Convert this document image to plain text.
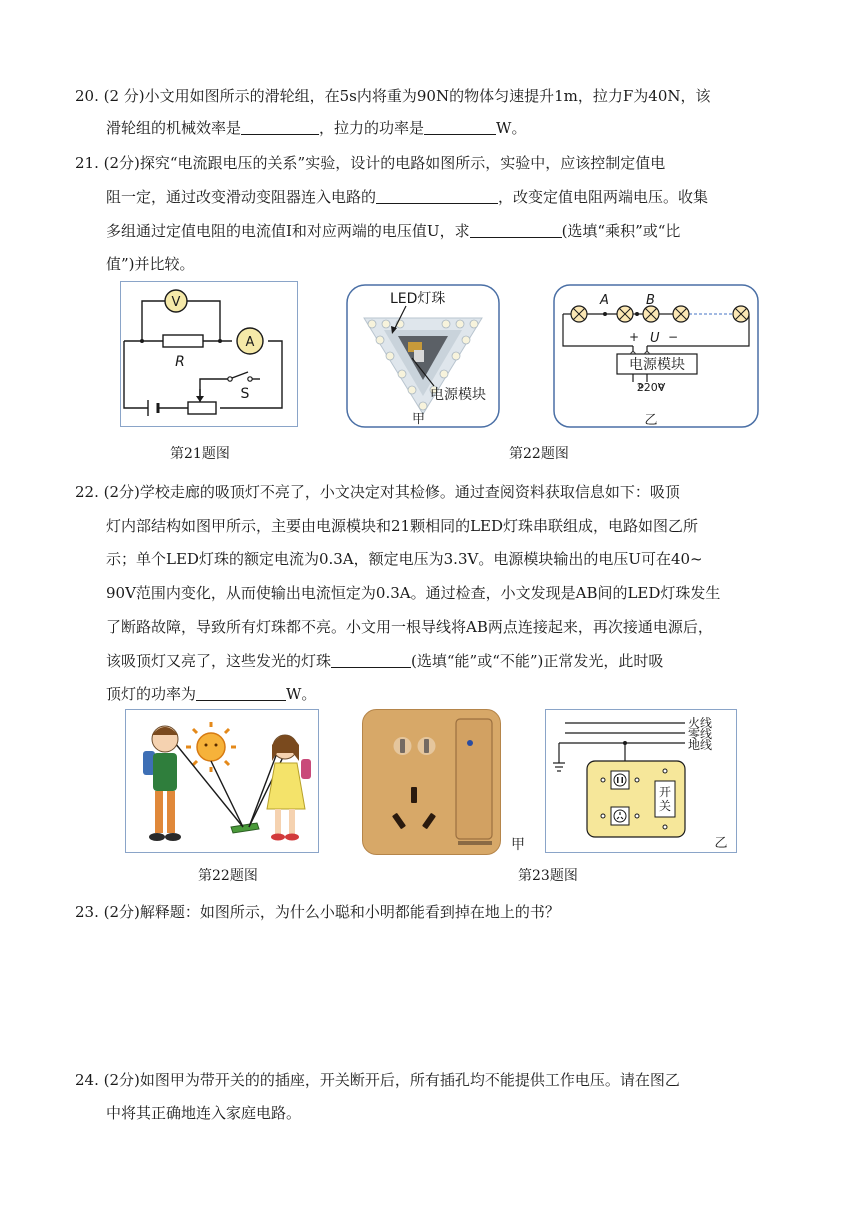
20. (2 分)小文用如图所示的滑轮组，在5s内将重为90N的物体匀速提升1m，拉力F为40N，该
滑轮组的机械效率是	，拉力的功率是	W。
21. (2分)探究“电流跟电压的关系”实验，设计的电路如图所示，实验中，应该控制定值电
阻一定，通过改变滑动变阻器连入电路的	，改变定值电阻两端电压。收集
多组通过定值电阻的电流值I和对应两端的电压值U，求	(选填“乘积”或“比
值”)并比较。
V
R
A
S
LED灯珠
电源模块
甲
A	B
+ U −
电源模块
220V
乙
第21题图	第22题图
22. (2分)学校走廊的吸顶灯不亮了，小文决定对其检修。通过查阅资料获取信息如下：吸顶
灯内部结构如图甲所示，主要由电源模块和21颗相同的LED灯珠串联组成，电路如图乙所
示；单个LED灯珠的额定电流为0.3A，额定电压为3.3V。电源模块输出的电压U可在40~
90V范围内变化，从而使输出电流恒定为0.3A。通过检查，小文发现是AB间的LED灯珠发生
了断路故障，导致所有灯珠都不亮。小文用一根导线将AB两点连接起来，再次接通电源后，
该吸顶灯又亮了，这些发光的灯珠	(选填“能”或“不能”)正常发光，此时吸
顶灯的功率为	W。
甲
火线
零线
地线
开
关
乙
第22题图	第23题图
23. (2分)解释题：如图所示，为什么小聪和小明都能看到掉在地上的书？
24. (2分)如图甲为带开关的的插座，开关断开后，所有插孔均不能提供工作电压。请在图乙
中将其正确地连入家庭电路。
